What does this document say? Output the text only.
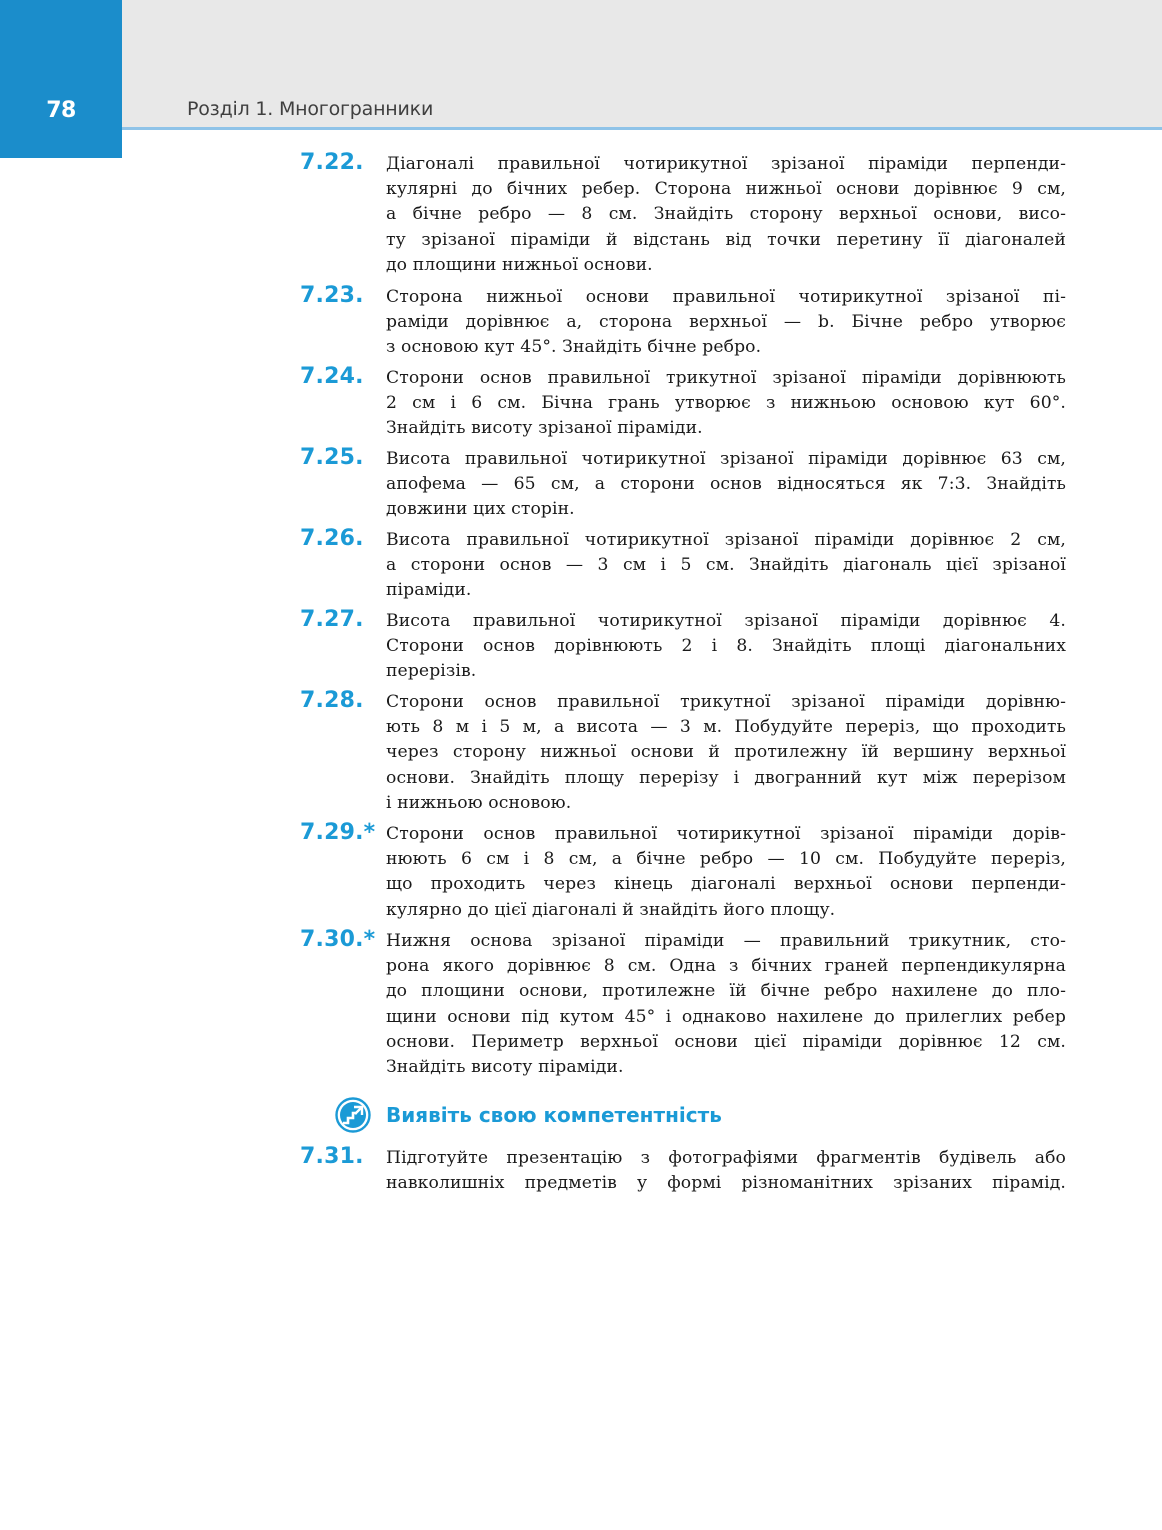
78	Розділ 1. Многогранники
7.22. Діагоналі правильної чотирикутної зрізаної піраміди перпенди-
кулярні до бічних ребер. Сторона нижньої основи дорівнює 9 см,
а бічне ребро — 8 см. Знайдіть сторону верхньої основи, висо-
ту зрізаної піраміди й відстань від точки перетину її діагоналей
до площини нижньої основи.
7.23. Сторона нижньої основи правильної чотирикутної зрізаної пі-
раміди дорівнює a, сторона верхньої — b. Бічне ребро утворює
з основою кут 45°. Знайдіть бічне ребро.
7.24. Сторони основ правильної трикутної зрізаної піраміди дорівнюють
2 см і 6 см. Бічна грань утворює з нижньою основою кут 60°.
Знайдіть висоту зрізаної піраміди.
7.25. Висота правильної чотирикутної зрізаної піраміди дорівнює 63 см,
апофема — 65 см, а сторони основ відносяться як 7:3. Знайдіть
довжини цих сторін.
7.26. Висота правильної чотирикутної зрізаної піраміди дорівнює 2 см,
а сторони основ — 3 см і 5 см. Знайдіть діагональ цієї зрізаної
піраміди.
7.27. Висота правильної чотирикутної зрізаної піраміди дорівнює 4.
Сторони основ дорівнюють 2 і 8. Знайдіть площі діагональних
перерізів.
7.28. Сторони основ правильної трикутної зрізаної піраміди дорівню-
ють 8 м і 5 м, а висота — 3 м. Побудуйте переріз, що проходить
через сторону нижньої основи й протилежну їй вершину верхньої
основи. Знайдіть площу перерізу і двогранний кут між перерізом
і нижньою основою.
7.29.* Сторони основ правильної чотирикутної зрізаної піраміди дорів-
нюють 6 см і 8 см, а бічне ребро — 10 см. Побудуйте переріз,
що проходить через кінець діагоналі верхньої основи перпенди-
кулярно до цієї діагоналі й знайдіть його площу.
7.30.* Нижня основа зрізаної піраміди — правильний трикутник, сто-
рона якого дорівнює 8 см. Одна з бічних граней перпендикулярна
до площини основи, протилежне їй бічне ребро нахилене до пло-
щини основи під кутом 45° і однаково нахилене до прилеглих ребер
основи. Периметр верхньої основи цієї піраміди дорівнює 12 см.
Знайдіть висоту піраміди.
Виявіть свою компетентність
7.31. Підготуйте презентацію з фотографіями фрагментів будівель або
навколишніх предметів у формі різноманітних зрізаних пірамід.
